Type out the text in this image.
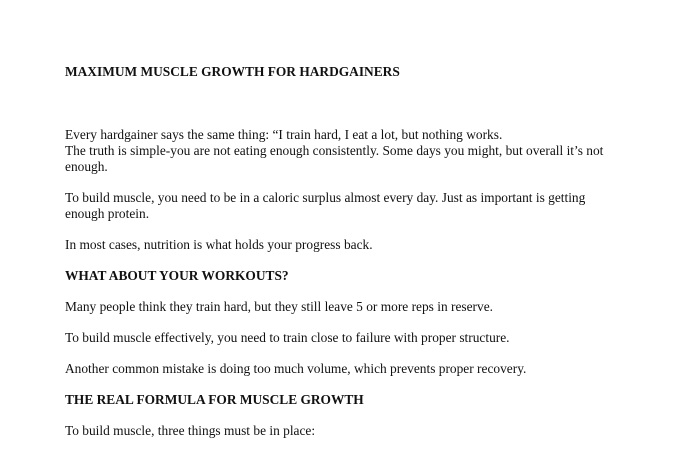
MAXIMUM MUSCLE GROWTH FOR HARDGAINERS

Every hardgainer says the same thing: “I train hard, I eat a lot, but nothing works.

The truth is simple-you are not eating enough consistently. Some days you might, but overall it’s not enough.

To build muscle, you need to be in a caloric surplus almost every day. Just as important is getting enough protein.

In most cases, nutrition is what holds your progress back.

WHAT ABOUT YOUR WORKOUTS?

Many people think they train hard, but they still leave 5 or more reps in reserve.

To build muscle effectively, you need to train close to failure with proper structure.

Another common mistake is doing too much volume, which prevents proper recovery.

THE REAL FORMULA FOR MUSCLE GROWTH

To build muscle, three things must be in place:
